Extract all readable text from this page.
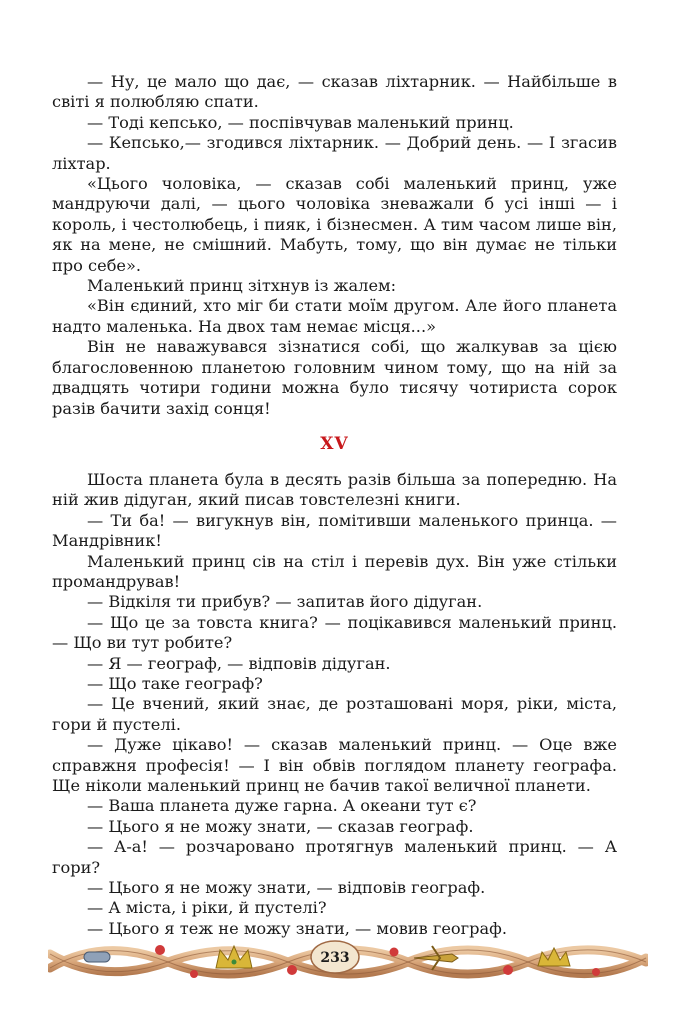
— Ну, це мало що дає, — сказав ліхтарник. — Найбільше в світі я полюбляю спати.

— Тоді кепсько, — поспівчував маленький принц.

— Кепсько,— згодився ліхтарник. — Добрий день. — І згасив ліхтар.

«Цього чоловіка, — сказав собі маленький принц, уже мандруючи далі, — цього чоловіка зневажали б усі інші — і король, і честолюбець, і пияк, і бізнесмен. А тим часом лише він, як на мене, не смішний. Мабуть, тому, що він думає не тільки про себе».

Маленький принц зітхнув із жалем:

«Він єдиний, хто міг би стати моїм другом. Але його планета надто маленька. На двох там немає місця...»

Він не наважувався зізнатися собі, що жалкував за цією благословенною планетою головним чином тому, що на ній за двадцять чотири години можна було тисячу чотириста сорок разів бачити захід сонця!

XV

Шоста планета була в десять разів більша за попередню. На ній жив дідуган, який писав товстелезні книги.

— Ти ба! — вигукнув він, помітивши маленького принца. — Мандрівник!

Маленький принц сів на стіл і перевів дух. Він уже стільки промандрував!

— Відкіля ти прибув? — запитав його дідуган.

— Що це за товста книга? — поцікавився маленький принц. — Що ви тут робите?

— Я — географ, — відповів дідуган.

— Що таке географ?

— Це вчений, який знає, де розташовані моря, ріки, міста, гори й пустелі.

— Дуже цікаво! — сказав маленький принц. — Оце вже справжня професія! — І він обвів поглядом планету географа. Ще ніколи маленький принц не бачив такої величної планети.

— Ваша планета дуже гарна. А океани тут є?

— Цього я не можу знати, — сказав географ.

— А-а! — розчаровано протягнув маленький принц. — А гори?

— Цього я не можу знати, — відповів географ.

— А міста, і ріки, й пустелі?

— Цього я теж не можу знати, — мовив географ.

233
